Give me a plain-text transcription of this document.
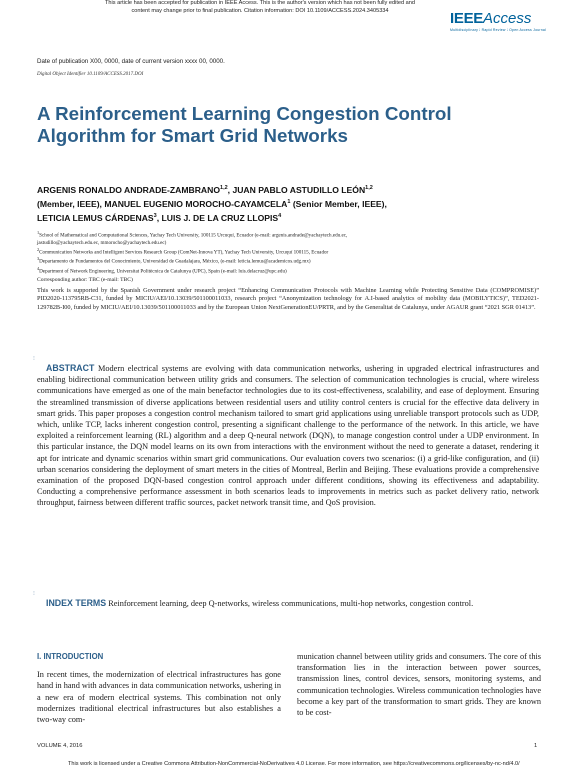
This article has been accepted for publication in IEEE Access. This is the author's version which has not been fully edited and
content may change prior to final publication. Citation information: DOI 10.1109/ACCESS.2024.3405334	IEEEAccess
Multidisciplinary ⁞ Rapid Review ⁞ Open Access Journal
Date of publication X00, 0000, date of current version xxxx 00, 0000.
Digital Object Identifier 10.1109/ACCESS.2017.DOI
A Reinforcement Learning Congestion Control Algorithm for Smart Grid Networks
ARGENIS RONALDO ANDRADE-ZAMBRANO$^{1,2}$, JUAN PABLO ASTUDILLO LEÓN$^{1,2}$
(Member, IEEE), MANUEL EUGENIO MOROCHO-CAYAMCELA$^1$ (Senior Member, IEEE),
LETICIA LEMUS CÁRDENAS$^3$, LUIS J. DE LA CRUZ LLOPIS$^4$
$^1$School of Mathematical and Computational Sciences, Yachay Tech University, 100115 Urcuquí, Ecuador (e-mail: argenis.andrade@yachaytech.edu.ec,
jastudillo@yachaytech.edu.ec, mmorocho@yachaytech.edu.ec)
$^2$Communication Networks and Intelligent Services Research Group (ComNet-Innova YT), Yachay Tech University, Urcuquí 100115, Ecuador
$^3$Departamento de Fundamentos del Conocimiento, Universidad de Guadalajara, México, (e-mail: leticia.lemus@academicos.udg.mx)
$^4$Department of Network Engineering, Universitat Politècnica de Catalunya (UPC), Spain (e-mail: luis.delacruz@upc.edu)
Corresponding author: TBC (e-mail: TBC)
This work is supported by the Spanish Government under research project “Enhancing Communication Protocols with Machine Learning while Protecting Sensitive Data (COMPROMISE)” PID2020-113795RB-C31, funded by MICIU/AEI/10.13039/501100011033, research project “Anonymization technology for A.I-based analytics of mobility data (MOBILYTICS)”, TED2021-129782B-I00, funded by MICIU/AEI/10.13039/501100011033 and by the European Union NextGenerationEU/PRTR, and by the Generalitat de Catalunya, under AGAUR grant “2021 SGR 01413”.
⁝
ABSTRACT Modern electrical systems are evolving with data communication networks, ushering in upgraded electrical infrastructures and enabling bidirectional communication between utility grids and consumers. The selection of communication technologies is crucial, where wireless communications have emerged as one of the main benefactor technologies due to its cost-effectiveness, scalability, and ease of deployment. Ensuring the streamlined transmission of diverse applications between residential users and utility control centers is crucial for the effective data delivery in smart grids. This paper proposes a congestion control mechanism tailored to smart grid applications using unreliable transport protocols such as UDP, which, unlike TCP, lacks inherent congestion control, presenting a significant challenge to the performance of the network. In this article, we have exploited a reinforcement learning (RL) algorithm and a deep Q-neural network (DQN), to manage congestion control under a UDP environment. In this particular instance, the DQN model learns on its own from interactions with the environment without the need to generate a dataset, rendering it apt for intricate and dynamic scenarios within smart grid communications. Our evaluation covers two scenarios: (i) a grid-like configuration, and (ii) urban scenarios considering the deployment of smart meters in the cities of Montreal, Berlin and Beijing. These evaluations provide a comprehensive examination of the proposed DQN-based congestion control approach under different conditions, showing its effectiveness and adaptability. Conducting a comprehensive performance assessment in both scenarios leads to improvements in metrics such as packet delivery ratio, network throughput, fairness between different traffic sources, packet network transit time, and QoS provision.
⁝
INDEX TERMS Reinforcement learning, deep Q-networks, wireless communications, multi-hop networks, congestion control.
I. INTRODUCTION
In recent times, the modernization of electrical infrastructures has gone hand in hand with advances in data communication networks, ushering in a new era of modern electrical systems. This combination not only modernizes traditional electrical infrastructures but also establishes a two-way com-
munication channel between utility grids and consumers. The core of this transformation lies in the interaction between power sources, transmission lines, control devices, sensors, monitoring systems, and communication technologies. Wireless communication technologies have become a key part of the transformation to smart grids. They are known to be cost-
VOLUME 4, 2016	1
This work is licensed under a Creative Commons Attribution-NonCommercial-NoDerivatives 4.0 License. For more information, see https://creativecommons.org/licenses/by-nc-nd/4.0/
